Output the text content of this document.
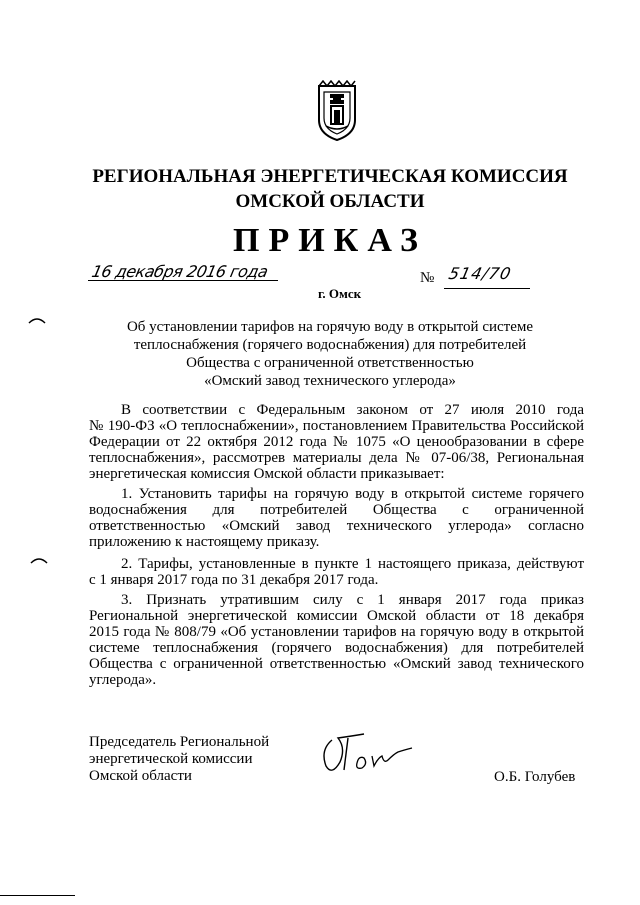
РЕГИОНАЛЬНАЯ ЭНЕРГЕТИЧЕСКАЯ КОМИССИЯ
ОМСКОЙ ОБЛАСТИ
ПРИКАЗ
16 декабря 2016 года
г. Омск
№ 514/70
Об установлении тарифов на горячую воду в открытой системе
теплоснабжения (горячего водоснабжения) для потребителей
Общества с ограниченной ответственностью
«Омский завод технического углерода»
В соответствии с Федеральным законом от 27 июля 2010 года
№ 190-ФЗ «О теплоснабжении», постановлением Правительства Российской
Федерации от 22 октября 2012 года № 1075 «О ценообразовании в сфере
теплоснабжения», рассмотрев материалы дела № 07-06/38, Региональная
энергетическая комиссия Омской области приказывает:
1. Установить тарифы на горячую воду в открытой системе горячего
водоснабжения для потребителей Общества с ограниченной
ответственностью «Омский завод технического углерода» согласно
приложению к настоящему приказу.
2. Тарифы, установленные в пункте 1 настоящего приказа, действуют
с 1 января 2017 года по 31 декабря 2017 года.
3. Признать утратившим силу с 1 января 2017 года приказ
Региональной энергетической комиссии Омской области от 18 декабря
2015 года № 808/79 «Об установлении тарифов на горячую воду в открытой
системе теплоснабжения (горячего водоснабжения) для потребителей
Общества с ограниченной ответственностью «Омский завод технического
углерода».
Председатель Региональной
энергетической комиссии
Омской области	О.Б. Голубев
